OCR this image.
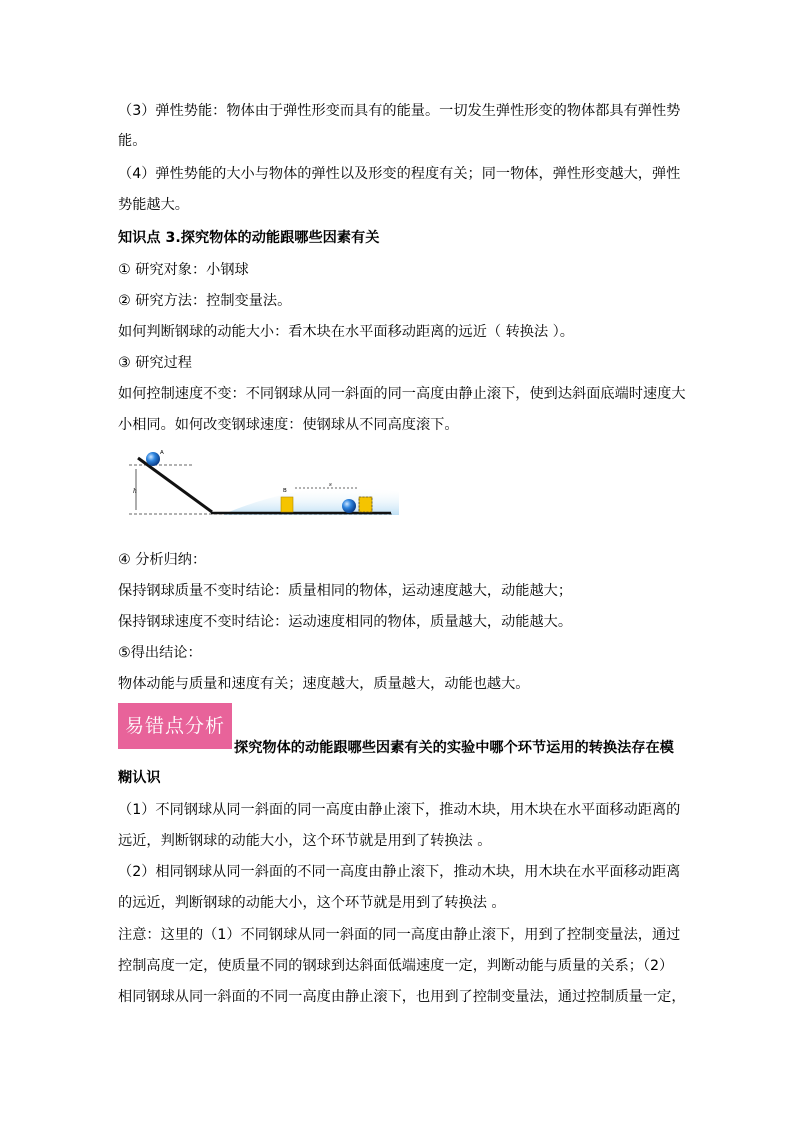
（3）弹性势能：物体由于弹性形变而具有的能量。一切发生弹性形变的物体都具有弹性势
能。
（4）弹性势能的大小与物体的弹性以及形变的程度有关；同一物体，弹性形变越大，弹性
势能越大。
知识点 3.探究物体的动能跟哪些因素有关
① 研究对象：小钢球
② 研究方法：控制变量法。
如何判断钢球的动能大小：看木块在水平面移动距离的远近（ 转换法 ）。
③ 研究过程
如何控制速度不变：不同钢球从同一斜面的同一高度由静止滚下，使到达斜面底端时速度大
小相同。如何改变钢球速度：使钢球从不同高度滚下。
h
A
B
s
④ 分析归纳：
保持钢球质量不变时结论：质量相同的物体，运动速度越大，动能越大；
保持钢球速度不变时结论：运动速度相同的物体，质量越大，动能越大。
⑤得出结论：
物体动能与质量和速度有关；速度越大，质量越大，动能也越大。
易错点分析
探究物体的动能跟哪些因素有关的实验中哪个环节运用的转换法存在模
糊认识
（1）不同钢球从同一斜面的同一高度由静止滚下，推动木块，用木块在水平面移动距离的
远近，判断钢球的动能大小，这个环节就是用到了转换法 。
（2）相同钢球从同一斜面的不同一高度由静止滚下，推动木块，用木块在水平面移动距离
的远近，判断钢球的动能大小，这个环节就是用到了转换法 。
注意：这里的（1）不同钢球从同一斜面的同一高度由静止滚下，用到了控制变量法，通过
控制高度一定，使质量不同的钢球到达斜面低端速度一定，判断动能与质量的关系；（2）
相同钢球从同一斜面的不同一高度由静止滚下，也用到了控制变量法，通过控制质量一定，
